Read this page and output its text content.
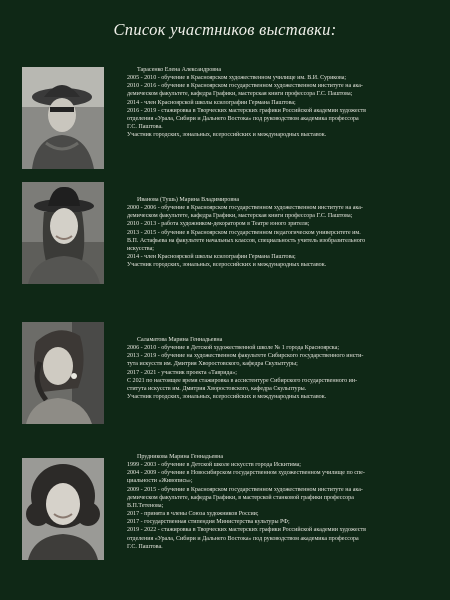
Список участников выставки:

Тарасенко Елена Александровна

2005 - 2010 - обучение в Красноярском художественном училище им. В.И. Сурикова;

2010 - 2016 - обучение в Красноярском государственном художественном институте на ака-

демическом факультете, кафедра Графики, мастерская книги профессора Г.С. Паштова;

2014 - член Красноярской школы ксилографии Германа Паштова;

2016 - 2019 - стажировка в Творческих мастерских графики Российской академии художеств

отделения «Урала, Сибири и Дальнего Востока» под руководством академика профессора

Г.С. Паштова.

Участник городских, зональных, всероссийских и международных выставок.

Иванова (Тушь) Марина Владимировна

2000 - 2006 - обучение в Красноярском государственном художественном институте на ака-

демическом факультете, кафедра Графики, мастерская книги профессора Г.С. Паштова;

2010 - 2013 - работа художником-декоратором в Театре юного зрителя;

2013 - 2015 - обучение в Красноярском государственном педагогическом университете им.

В.П. Астафьева на факультете начальных классов, специальность учитель изобразительного

искусства;

2014 - член Красноярской школы ксилографии Германа Паштова;

Участник городских, зональных, всероссийских и международных выставок.

Саламатова Марина Геннадьевна

2006 - 2010 - обучение в Детской художественной школе № 1 города Красноярска;

2013 - 2019 - обучение на художественном факультете Сибирского государственного инсти-

тута искусств им. Дмитрия Хворостовского, кафедра Скульптуры;

2017 - 2021 - участник проекта «Таврида»;

С 2021 по настоящее время стажировка в ассистентуре Сибирского государственного ин-

ститута искусств им. Дмитрия Хворостовского, кафедра Скульптуры.

Участник городских, зональных, всероссийских и международных выставок.

Прудникова Марина Геннадьевна

1999 - 2003 - обучение в Детской школе искусств города Искитима;

2004 - 2009 - обучение в Новосибирском государственном художественном училище по спе-

циальности «Живопись»;

2009 - 2015 - обучение в Красноярском государственном художественном институте на ака-

демическом факультете, кафедра Графики, в мастерской станковой графики профессора

В.П.Тетенова;

2017 - принята в члены Союза художников России;

2017 - государственная стипендия Министерства культуры РФ;

2019 - 2022 - стажировка в Творческих мастерских графики Российской академии художеств

отделения «Урала, Сибири и Дальнего Востока» под руководством академика профессора

Г.С. Паштова.
